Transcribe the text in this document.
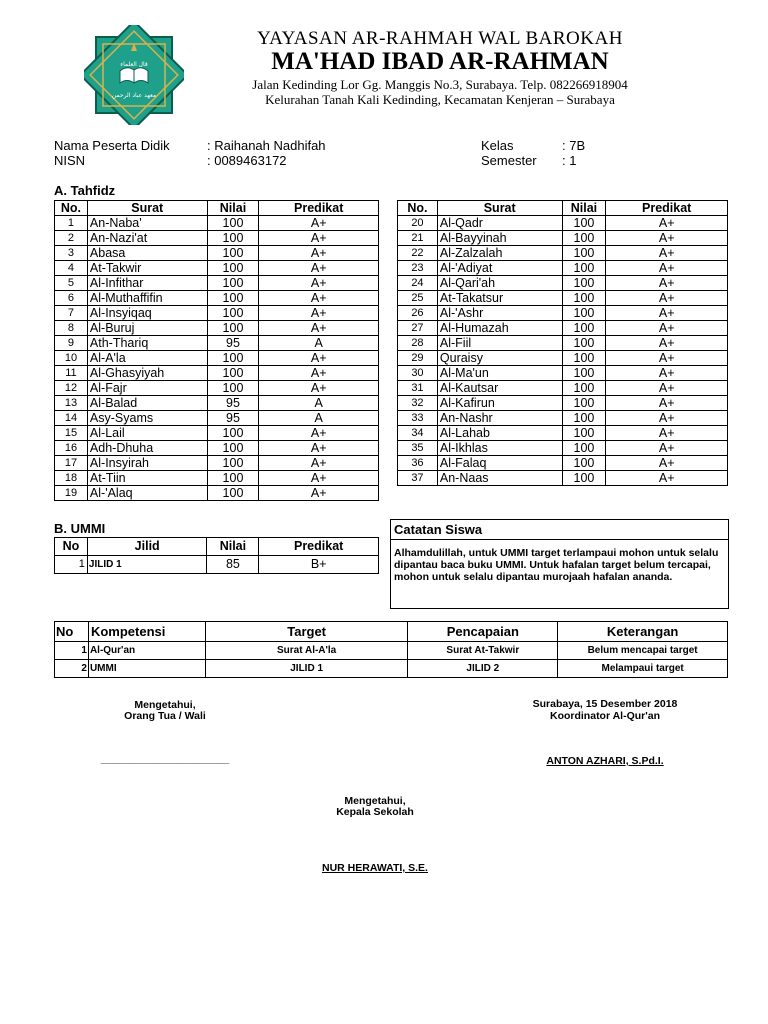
قال العلماء
معهد عباد الرحمن
YAYASAN AR-RAHMAH WAL BAROKAH
MA'HAD IBAD AR-RAHMAN
Jalan Kedinding Lor Gg. Manggis No.3, Surabaya. Telp. 082266918904
Kelurahan Tanah Kali Kedinding, Kecamatan Kenjeran – Surabaya
Nama Peserta Didik	: Raihanah Nadhifah
NISN	: 0089463172
Kelas	: 7B
Semester : 1
A. Tahfidz
No.	Surat	Nilai	Predikat
1	An-Naba'	100	A+
2	An-Nazi'at	100	A+
3	Abasa	100	A+
4	At-Takwir	100	A+
5	Al-Infithar	100	A+
6	Al-Muthaffifin	100	A+
7	Al-Insyiqaq	100	A+
8	Al-Buruj	100	A+
9	Ath-Thariq	95	A
10	Al-A'la	100	A+
11	Al-Ghasyiyah	100	A+
12	Al-Fajr	100	A+
13	Al-Balad	95	A
14	Asy-Syams	95	A
15	Al-Lail	100	A+
16	Adh-Dhuha	100	A+
17	Al-Insyirah	100	A+
18	At-Tiin	100	A+
19	Al-'Alaq	100	A+
No.	Surat	Nilai	Predikat
20	Al-Qadr	100	A+
21	Al-Bayyinah	100	A+
22	Al-Zalzalah	100	A+
23	Al-'Adiyat	100	A+
24	Al-Qari'ah	100	A+
25	At-Takatsur	100	A+
26	Al-'Ashr	100	A+
27	Al-Humazah	100	A+
28	Al-Fiil	100	A+
29	Quraisy	100	A+
30	Al-Ma'un	100	A+
31	Al-Kautsar	100	A+
32	Al-Kafirun	100	A+
33	An-Nashr	100	A+
34	Al-Lahab	100	A+
35	Al-Ikhlas	100	A+
36	Al-Falaq	100	A+
37	An-Naas	100	A+
B. UMMI
No	Jilid	Nilai	Predikat
1	JILID 1	85	B+
Catatan Siswa
Alhamdulillah, untuk UMMI target terlampaui mohon untuk selalu dipantau baca buku UMMI. Untuk hafalan target belum tercapai, mohon untuk selalu dipantau murojaah hafalan ananda.
No	Kompetensi	Target	Pencapaian	Keterangan
1	Al-Qur'an	Surat Al-A'la	Surat At-Takwir	Belum mencapai target
2	UMMI	JILID 1	JILID 2	Melampaui target
Mengetahui,
Orang Tua / Wali
______________________
Surabaya, 15 Desember 2018
Koordinator Al-Qur'an
ANTON AZHARI, S.Pd.I.
Mengetahui,
Kepala Sekolah
NUR HERAWATI, S.E.
